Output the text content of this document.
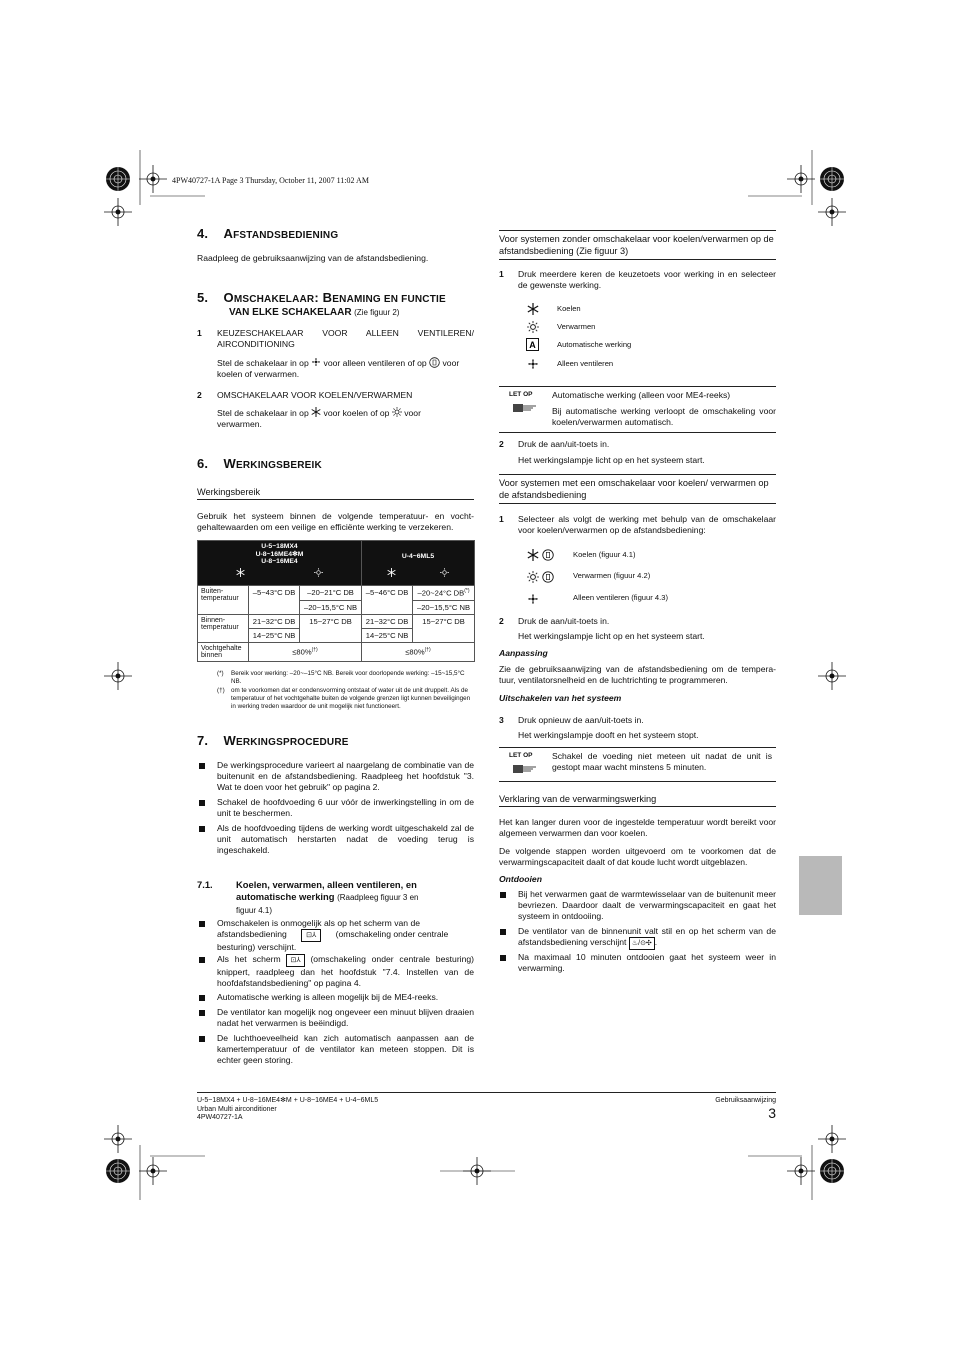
4PW40727-1A Page 3 Thursday, October 11, 2007 11:02 AM
4. AFSTANDSBEDIENING

Raadpleeg de gebruiksaanwijzing van de afstandsbediening.

5. OMSCHAKELAAR: BENAMING EN FUNCTIE
VAN ELKE SCHAKELAAR (Zie figuur 2)
1 KEUZESCHAKELAAR VOOR ALLEEN VENTILEREN/ AIRCONDITIONING

Stel de schakelaar in op voor alleen ventileren of op voor
koelen of verwarmen.

2 OMSCHAKELAAR VOOR KOELEN/VERWARMEN

Stel de schakelaar in op voor koelen of op voor
verwarmen.

6. WERKINGSBEREIK
Werkingsbereik

Gebruik het systeem binnen de volgende temperatuur- en vocht-gehaltewaarden om een veilige en efficiënte werking te verzekeren.

U-5~18MX4
U-8~16ME4✻M
U-8~16ME4			U-4~6ML5	

Buiten-temperatuur	–5~43°C DB	–20~21°C DB	–5~46°C DB	–20~24°C DB(*)
		–20~15,5°C NB		–20~15,5°C NB
Binnen-temperatuur	21~32°C DB	15~27°C DB	21~32°C DB	15~27°C DB
	14~25°C NB		14~25°C NB	
Vochtgehalte binnen	≤80%(†)		≤80%(†)
(*) Bereik voor werking: –20~–15°C NB. Bereik voor doorlopende werking: –15~15,5°C NB.

(†) om te voorkomen dat er condensvorming ontstaat of water uit de unit druppelt. Als de temperatuur of het vochtgehalte buiten de volgende grenzen ligt kunnen beveiligingen in werking treden waardoor de unit mogelijk niet functioneert.

7. WERKINGSPROCEDURE

De werkingsprocedure varieert al naargelang de combinatie van de buitenunit en de afstandsbediening. Raadpleeg het hoofdstuk "3. Wat te doen voor het gebruik" op pagina 2.

Schakel de hoofdvoeding 6 uur vóór de inwerkingstelling in om de unit te beschermen.

Als de hoofdvoeding tijdens de werking wordt uitgeschakeld zal de unit automatisch herstarten nadat de voeding terug is ingeschakeld.

7.1. Koelen, verwarmen, alleen ventileren, en
automatische werking (Raadpleeg figuur 3 en
figuur 4.1)

Omschakelen is onmogelijk als op het scherm van de
afstandsbediening	⊡⅄ (omschakeling onder centrale
besturing) verschijnt.

Als het scherm ⊡⅄ (omschakeling onder centrale besturing) knippert, raadpleeg dan het hoofdstuk "7.4. Instellen van de hoofdafstandsbediening" op pagina 4.

Automatische werking is alleen mogelijk bij de ME4-reeks.

De ventilator kan mogelijk nog ongeveer een minuut blijven draaien nadat het verwarmen is beëindigd.

De luchthoeveelheid kan zich automatisch aanpassen aan de kamertemperatuur of de ventilator kan meteen stoppen. Dit is echter geen storing.

Voor systemen zonder omschakelaar voor koelen/verwarmen op de afstandsbediening (Zie figuur 3)
1 Druk meerdere keren de keuzetoets voor werking in en selecteer de gewenste werking.

Koelen
Verwarmen
A	Automatische werking
Alleen ventileren
LET OP Automatische werking (alleen voor ME4-reeks)

Bij automatische werking verloopt de omschakeling voor koelen/verwarmen automatisch.

2 Druk de aan/uit-toets in.

Het werkingslampje licht op en het systeem start.

Voor systemen met een omschakelaar voor koelen/ verwarmen op de afstandsbediening
1 Selecteer als volgt de werking met behulp van de omschakelaar voor koelen/verwarmen op de afstandsbediening:

Koelen (figuur 4.1)

Verwarmen (figuur 4.2)
Alleen ventileren (figuur 4.3)
2 Druk de aan/uit-toets in.

Het werkingslampje licht op en het systeem start.

Aanpassing

Zie de gebruiksaanwijzing van de afstandsbediening om de tempera-tuur, ventilatorsnelheid en de luchtrichting te programmeren.

Uitschakelen van het systeem
3 Druk opnieuw de aan/uit-toets in.

Het werkingslampje dooft en het systeem stopt.

LET OP Schakel de voeding niet meteen uit nadat de unit is gestopt maar wacht minstens 5 minuten.

Verklaring van de verwarmingswerking

Het kan langer duren voor de ingestelde temperatuur wordt bereikt voor algemeen verwarmen dan voor koelen.

De volgende stappen worden uitgevoerd om te voorkomen dat de verwarmingscapaciteit daalt of dat koude lucht wordt uitgeblazen.

Ontdooien

Bij het verwarmen gaat de warmtewisselaar van de buitenunit meer bevriezen. Daardoor daalt de verwarmingscapaciteit en gaat het systeem in ontdooiing.

De ventilator van de binnenunit valt stil en op het scherm van de afstandsbediening verschijnt ♨/⊙✣ .

Na maximaal 10 minuten ontdooien gaat het systeem weer in verwarming.

U-5~18MX4 + U-8~16ME4✻M + U-8~16ME4 + U-4~6ML5
Urban Multi airconditioner
4PW40727-1A
Gebruiksaanwijzing
3
